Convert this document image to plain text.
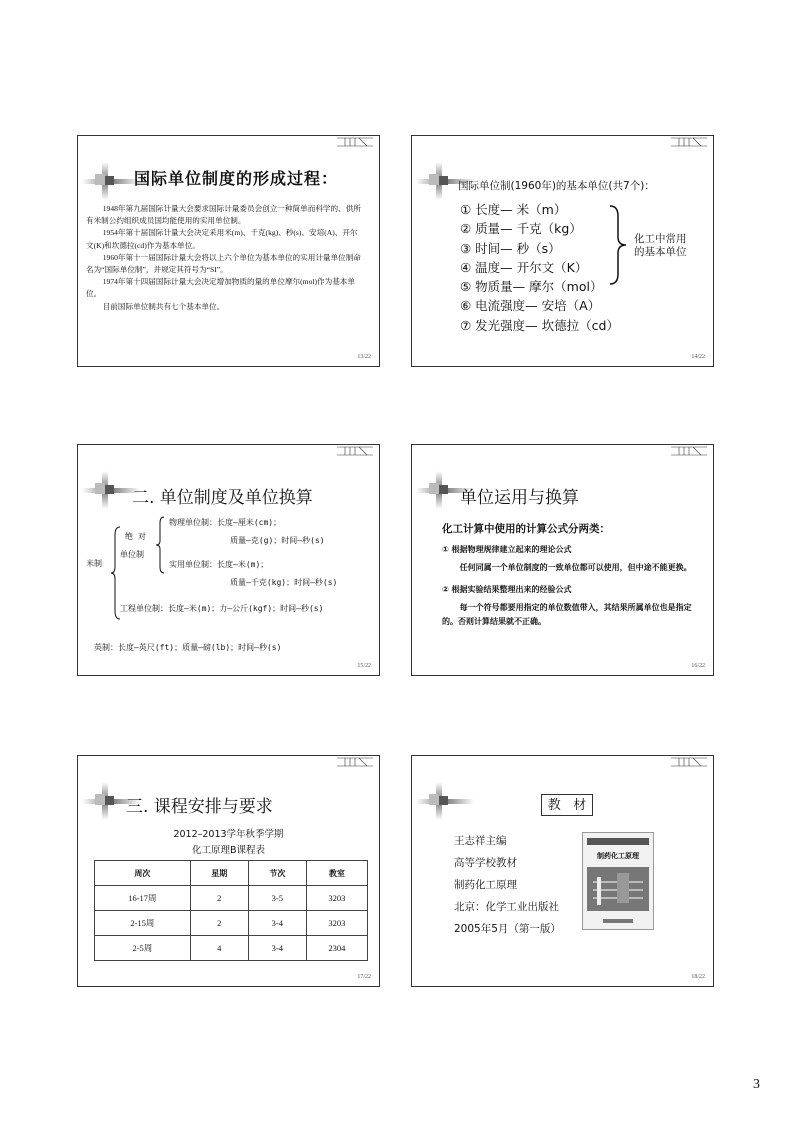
国际单位制度的形成过程：

1948年第九届国际计量大会要求国际计量委员会创立一种简单而科学的、供所有米制公约组织成员国均能使用的实用单位制。

1954年第十届国际计量大会决定采用米(m)、千克(kg)、秒(s)、安培(A)、开尔文(K)和坎德拉(cd)作为基本单位。

1960年第十一届国际计量大会将以上六个单位为基本单位的实用计量单位制命名为“国际单位制”，并规定其符号为“SI”。

1974年第十四届国际计量大会决定增加物质的量的单位摩尔(mol)作为基本单位。

目前国际单位制共有七个基本单位。

13/22
国际单位制(1960年)的基本单位(共7个)：
① 长度— 米（m）
② 质量— 千克（kg）
③ 时间— 秒（s）
④ 温度— 开尔文（K）
⑤ 物质量— 摩尔（mol）
⑥ 电流强度— 安培（A）
⑦ 发光强度— 坎德拉（cd）
化工中常用
的基本单位
14/22
二. 单位制度及单位换算
米制
绝 对
单位制
物理单位制：长度—厘米(cm)；
质量—克(g)；时间—秒(s)
实用单位制：长度—米(m)；
质量—千克(kg)；时间—秒(s)
工程单位制：长度—米(m)；力—公斤(kgf)；时间—秒(s)
英制：长度—英尺(ft)；质量—磅(lb)；时间—秒(s)
15/22
单位运用与换算
化工计算中使用的计算公式分两类：

① 根据物理规律建立起来的理论公式

任何同属一个单位制度的一致单位都可以使用，但中途不能更换。

② 根据实验结果整理出来的经验公式

每一个符号都要用指定的单位数值带入，其结果所属单位也是指定的。否则计算结果就不正确。

16/22
三. 课程安排与要求
2012–2013学年秋季学期
化工原理B课程表
周次	星期	节次	教室
16-17周	2	3-5	3203
2-15周	2	3-4	3203
2-5周	4	3-4	2304
17/22
教   材
王志祥主编
高等学校教材
制药化工原理
北京：化学工业出版社
2005年5月（第一版）
制药化工原理
18/22
3
